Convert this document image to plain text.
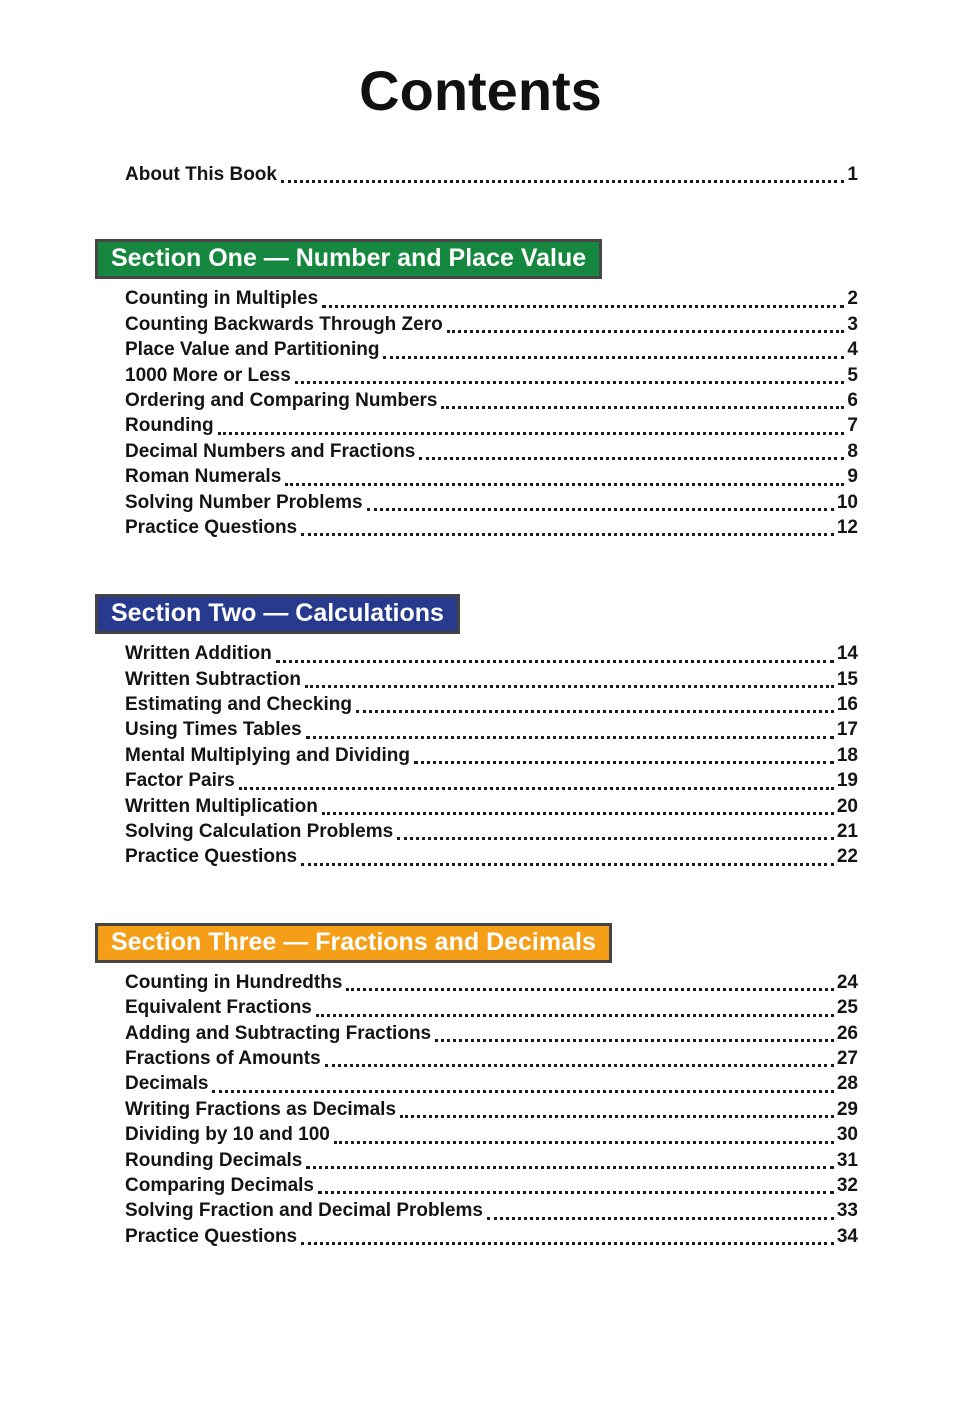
Contents
About This Book	1
Section One — Number and Place Value
Counting in Multiples	2
Counting Backwards Through Zero	3
Place Value and Partitioning	4
1000 More or Less	5
Ordering and Comparing Numbers	6
Rounding	7
Decimal Numbers and Fractions	8
Roman Numerals	9
Solving Number Problems	10
Practice Questions	12
Section Two — Calculations
Written Addition	14
Written Subtraction	15
Estimating and Checking	16
Using Times Tables	17
Mental Multiplying and Dividing	18
Factor Pairs	19
Written Multiplication	20
Solving Calculation Problems	21
Practice Questions	22
Section Three — Fractions and Decimals
Counting in Hundredths	24
Equivalent Fractions	25
Adding and Subtracting Fractions	26
Fractions of Amounts	27
Decimals	28
Writing Fractions as Decimals	29
Dividing by 10 and 100	30
Rounding Decimals	31
Comparing Decimals	32
Solving Fraction and Decimal Problems	33
Practice Questions	34
